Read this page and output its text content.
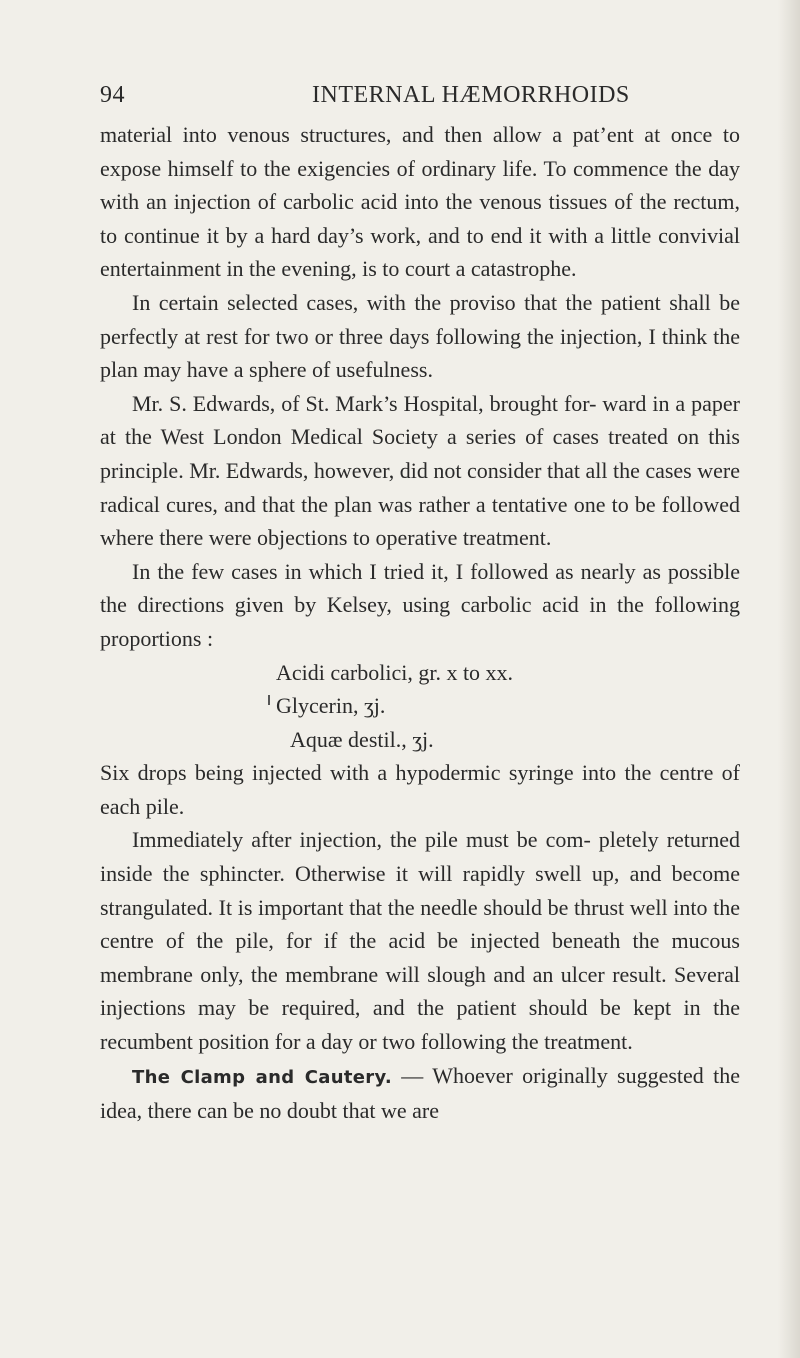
94	INTERNAL HÆMORRHOIDS

material into venous structures, and then allow a pat’ent at once to expose himself to the exigencies of ordinary life. To commence the day with an injection of carbolic acid into the venous tissues of the rectum, to continue it by a hard day’s work, and to end it with a little convivial entertainment in the evening, is to court a catastrophe.

In certain selected cases, with the proviso that the patient shall be perfectly at rest for two or three days following the injection, I think the plan may have a sphere of usefulness.

Mr. S. Edwards, of St. Mark’s Hospital, brought for- ward in a paper at the West London Medical Society a series of cases treated on this principle. Mr. Edwards, however, did not consider that all the cases were radical cures, and that the plan was rather a tentative one to be followed where there were objections to operative treatment.

In the few cases in which I tried it, I followed as nearly as possible the directions given by Kelsey, using carbolic acid in the following proportions :

Acidi carbolici, gr. x to xx.
Glycerin, ʒj.
Aquæ destil., ʒj.

Six drops being injected with a hypodermic syringe into the centre of each pile.

Immediately after injection, the pile must be com- pletely returned inside the sphincter. Otherwise it will rapidly swell up, and become strangulated. It is important that the needle should be thrust well into the centre of the pile, for if the acid be injected beneath the mucous membrane only, the membrane will slough and an ulcer result. Several injections may be required, and the patient should be kept in the recumbent position for a day or two following the treatment.

The Clamp and Cautery. — Whoever originally suggested the idea, there can be no doubt that we are
